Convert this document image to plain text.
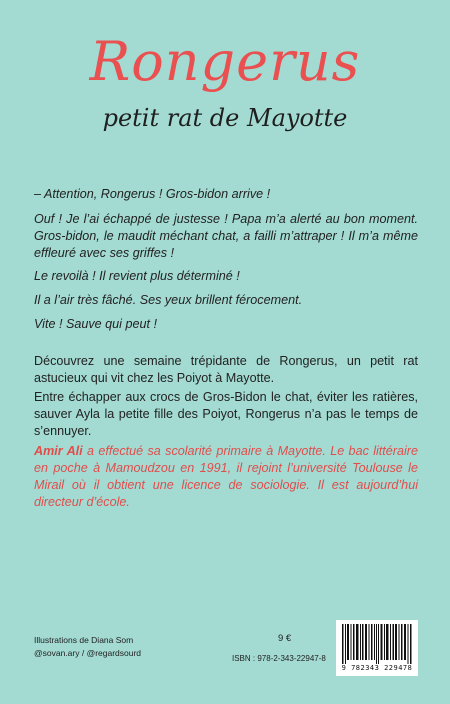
Rongerus
petit rat de Mayotte
– Attention, Rongerus ! Gros-bidon arrive !
Ouf ! Je l’ai échappé de justesse ! Papa m’a alerté au bon moment. Gros-bidon, le maudit méchant chat, a failli m’attraper ! Il m’a même effleuré avec ses griffes !
Le revoilà ! Il revient plus déterminé !
Il a l’air très fâché. Ses yeux brillent férocement.
Vite ! Sauve qui peut !
Découvrez une semaine trépidante de Rongerus, un petit rat astucieux qui vit chez les Poiyot à Mayotte.
Entre échapper aux crocs de Gros-Bidon le chat, éviter les ratières, sauver Ayla la petite fille des Poiyot, Rongerus n’a pas le temps de s’ennuyer.
Amir Ali a effectué sa scolarité primaire à Mayotte. Le bac littéraire en poche à Mamoudzou en 1991, il rejoint l’université Toulouse le Mirail où il obtient une licence de sociologie. Il est aujourd’hui directeur d’école.
Illustrations de Diana Som
@sovan.ary / @regardsourd
9 €
ISBN : 978-2-343-22947-8
9 782343 229478
